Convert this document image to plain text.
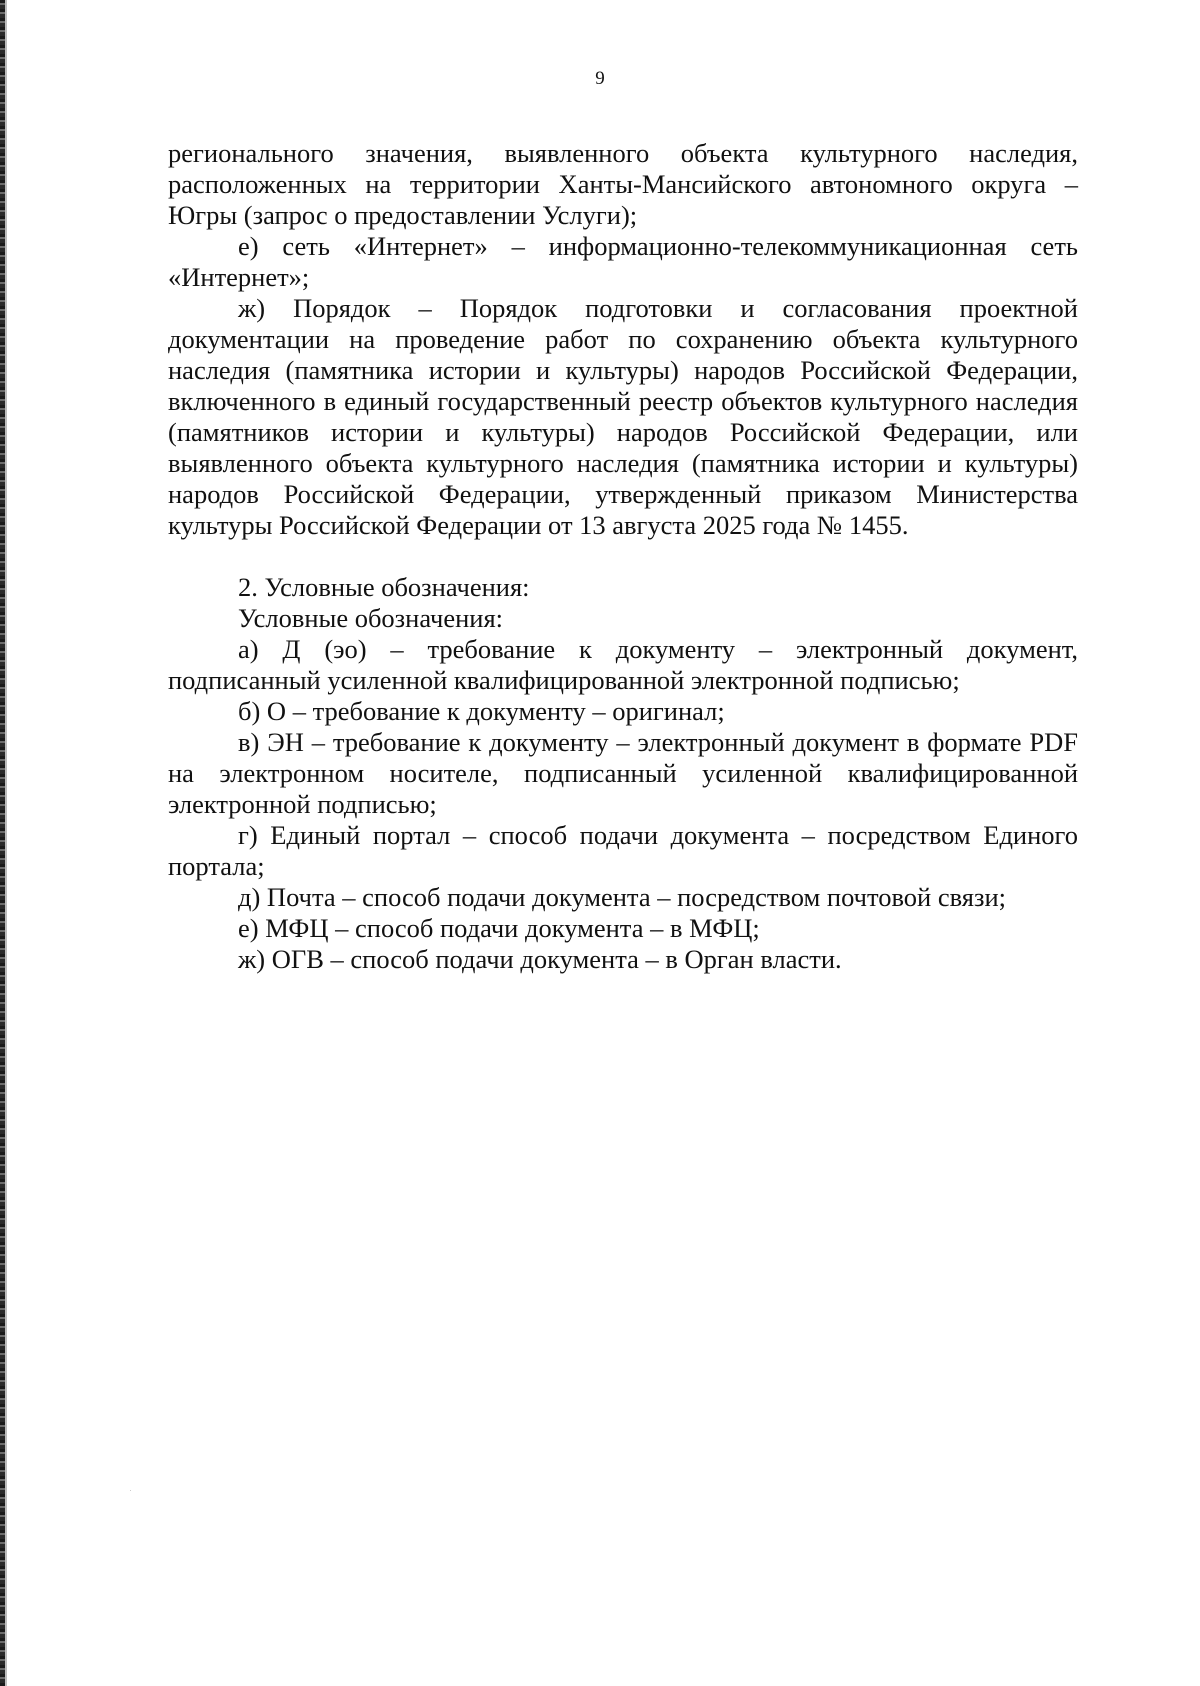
9

регионального значения, выявленного объекта культурного наследия, расположенных на территории Ханты-Мансийского автономного округа – Югры (запрос о предоставлении Услуги);

е) сеть «Интернет» – информационно-телекоммуникационная сеть «Интернет»;

ж) Порядок – Порядок подготовки и согласования проектной документации на проведение работ по сохранению объекта культурного наследия (памятника истории и культуры) народов Российской Федерации, включенного в единый государственный реестр объектов культурного наследия (памятников истории и культуры) народов Российской Федерации, или выявленного объекта культурного наследия (памятника истории и культуры) народов Российской Федерации, утвержденный приказом Министерства культуры Российской Федерации от 13 августа 2025 года № 1455.

2. Условные обозначения:

Условные обозначения:

а) Д (эо) – требование к документу – электронный документ, подписанный усиленной квалифицированной электронной подписью;

б) О – требование к документу – оригинал;

в) ЭН – требование к документу – электронный документ в формате PDF на электронном носителе, подписанный усиленной квалифицированной электронной подписью;

г) Единый портал – способ подачи документа – посредством Единого портала;

д) Почта – способ подачи документа – посредством почтовой связи;

е) МФЦ – способ подачи документа – в МФЦ;

ж) ОГВ – способ подачи документа – в Орган власти.
